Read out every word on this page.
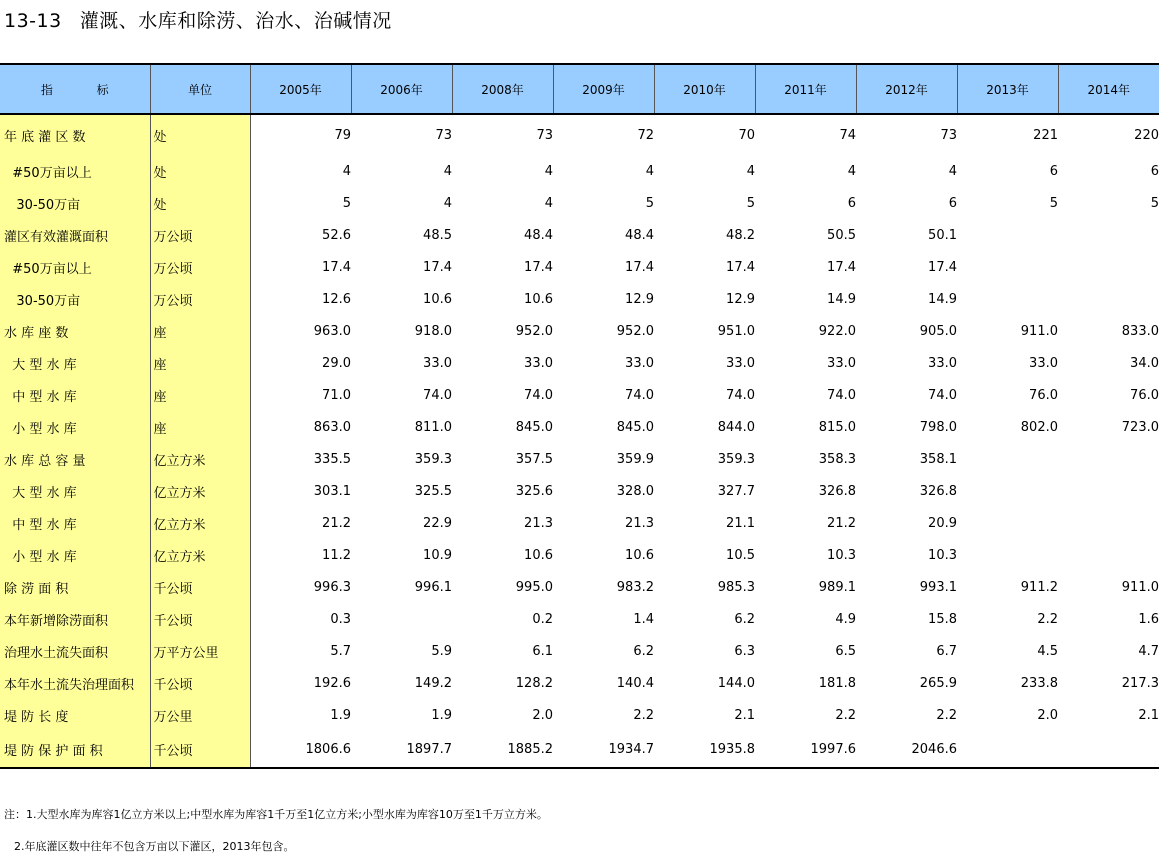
13-13 灌溉、水库和除涝、治水、治碱情况
指 标	单位	2005年	2006年	2008年	2009年	2010年	2011年	2012年	2013年	2014年
年 底 灌 区 数	处	79	73	73	72	70	74	73	221	220
#50万亩以上	处	4	4	4	4	4	4	4	6	6
30-50万亩	处	5	4	4	5	5	6	6	5	5
灌区有效灌溉面积	万公顷	52.6	48.5	48.4	48.4	48.2	50.5	50.1		
#50万亩以上	万公顷	17.4	17.4	17.4	17.4	17.4	17.4	17.4		
30-50万亩	万公顷	12.6	10.6	10.6	12.9	12.9	14.9	14.9		
水 库 座 数	座	963.0	918.0	952.0	952.0	951.0	922.0	905.0	911.0	833.0
大 型 水 库	座	29.0	33.0	33.0	33.0	33.0	33.0	33.0	33.0	34.0
中 型 水 库	座	71.0	74.0	74.0	74.0	74.0	74.0	74.0	76.0	76.0
小 型 水 库	座	863.0	811.0	845.0	845.0	844.0	815.0	798.0	802.0	723.0
水 库 总 容 量	亿立方米	335.5	359.3	357.5	359.9	359.3	358.3	358.1		
大 型 水 库	亿立方米	303.1	325.5	325.6	328.0	327.7	326.8	326.8		
中 型 水 库	亿立方米	21.2	22.9	21.3	21.3	21.1	21.2	20.9		
小 型 水 库	亿立方米	11.2	10.9	10.6	10.6	10.5	10.3	10.3		
除 涝 面 积	千公顷	996.3	996.1	995.0	983.2	985.3	989.1	993.1	911.2	911.0
本年新增除涝面积	千公顷	0.3		0.2	1.4	6.2	4.9	15.8	2.2	1.6
治理水土流失面积	万平方公里	5.7	5.9	6.1	6.2	6.3	6.5	6.7	4.5	4.7
本年水土流失治理面积	千公顷	192.6	149.2	128.2	140.4	144.0	181.8	265.9	233.8	217.3
堤 防 长 度	万公里	1.9	1.9	2.0	2.2	2.1	2.2	2.2	2.0	2.1
堤 防 保 护 面 积	千公顷	1806.6	1897.7	1885.2	1934.7	1935.8	1997.6	2046.6		

注：1.大型水库为库容1亿立方米以上;中型水库为库容1千万至1亿立方米;小型水库为库容10万至1千万立方米。

2.年底灌区数中往年不包含万亩以下灌区，2013年包含。
